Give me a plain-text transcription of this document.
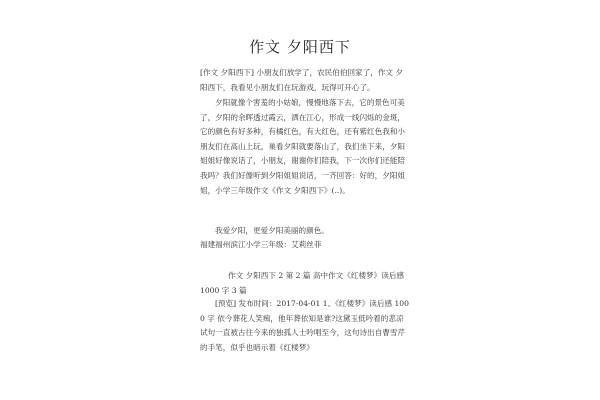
作文 夕阳西下

[作文 夕阳西下] 小朋友们放学了，农民伯伯回家了，作文 夕阳西下，我看见小朋友们在玩游戏，玩得可开心了。

夕阳就像个害羞的小姑娘，慢慢地落下去，它的景色可美了，夕阳的余晖透过霞云，洒在江心，形成一线闪烁的金斑，它的颜色有好多种，有橘红色，有大红色，还有紫红色我和小朋友们在高山上玩，巢看夕阳就要落山了，我们坐下来，夕阳姐姐好像说话了，小朋友，谢谢你们陪我，下一次你们还能陪我吗？我们好像听到夕阳姐姐说话，一齐回答：好的，夕阳姐姐，小学三年级作文《作文 夕阳西下》(..)。

我爱夕阳，更爱夕阳美丽的颜色。

福建福州滨江小学三年级：艾莉丝菲

作文 夕阳西下 2 第 2 篇 高中作文《红楼梦》读后感 1000 字 3 篇

[预览] 发布时间：2017-04-01 1、《红楼梦》读后感 1000 字 依今葬花人笑痴，他年葬依知是谁?这黛玉低吟着的悲凉试句一直被古往今来的独孤人士吟唱至今，这句诗出自曹雪芹的手笔，似乎也暗示着《红楼梦》
